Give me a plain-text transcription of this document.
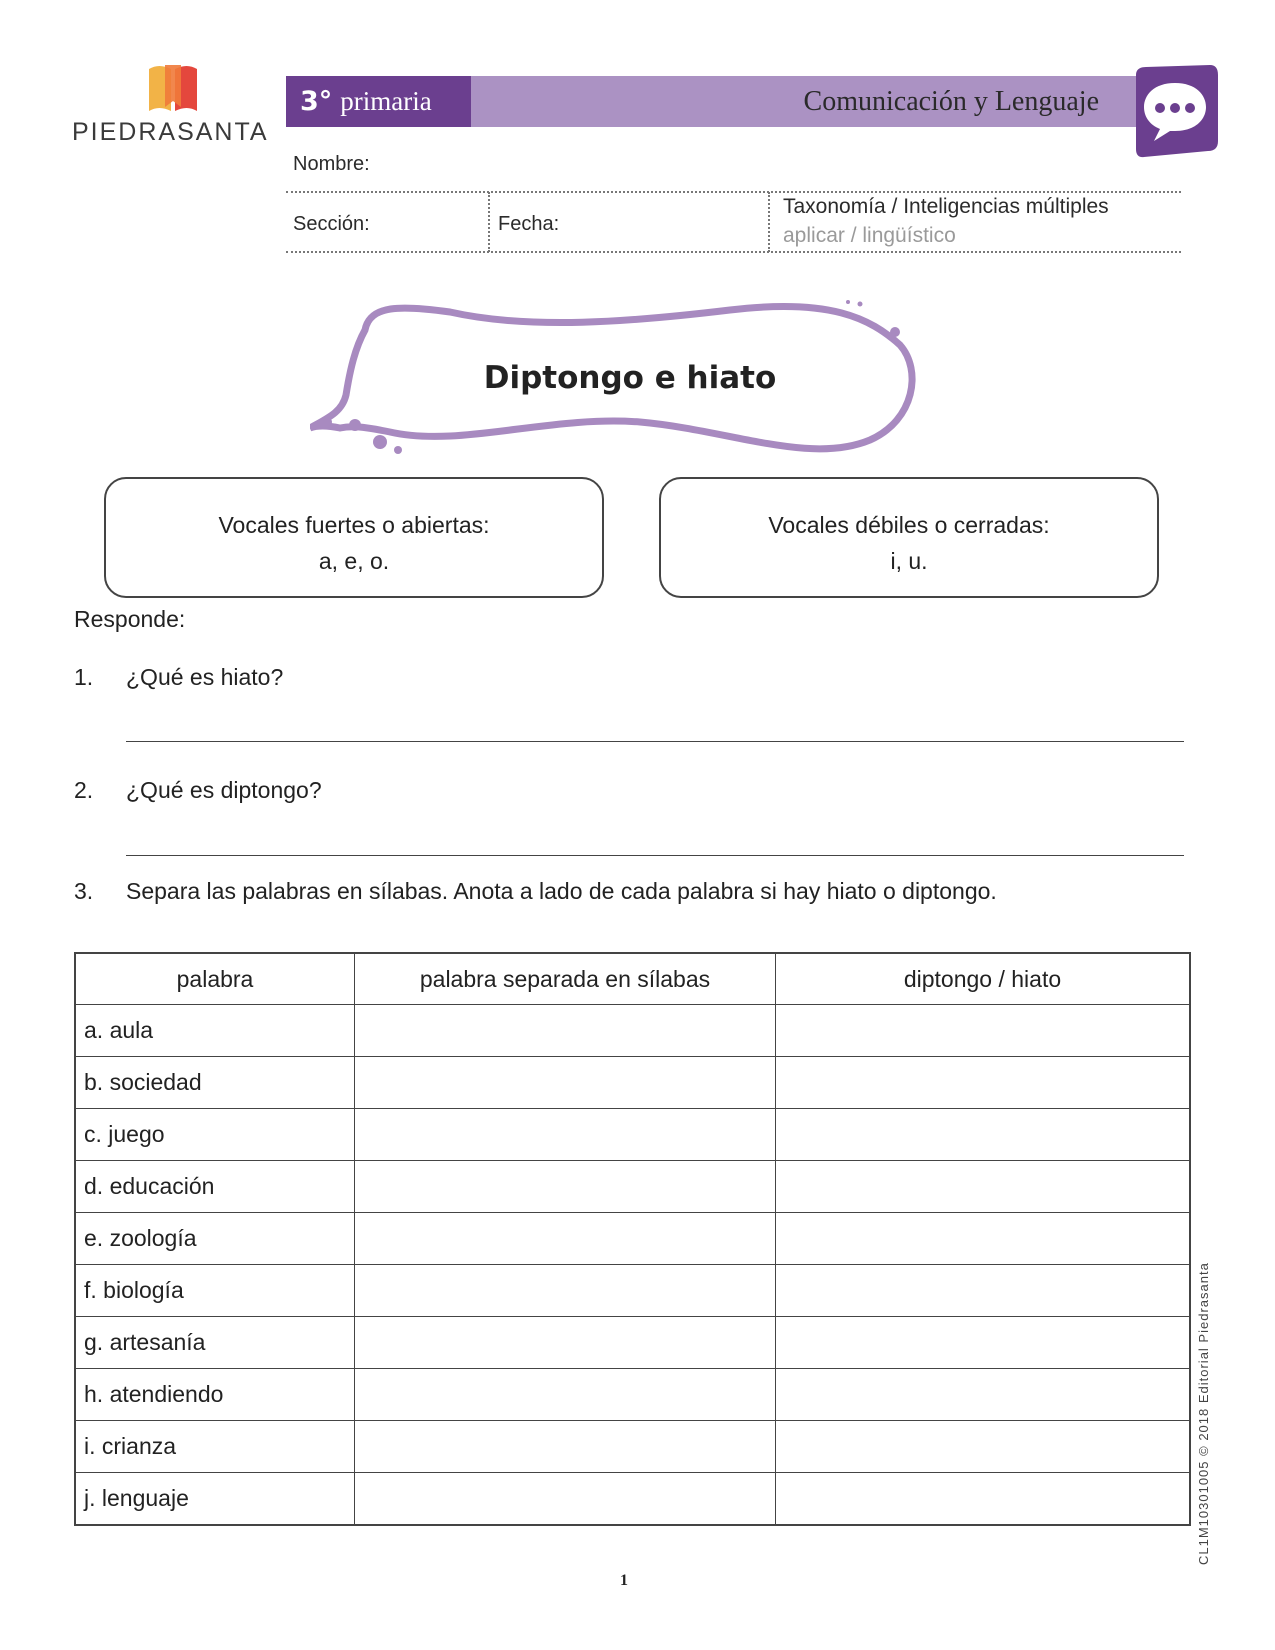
PIEDRASANTA
3° primaria	Comunicación y Lenguaje
Nombre:
Sección:	Fecha:
Taxonomía / Inteligencias múltiples
aplicar / lingüístico
Diptongo e hiato
Vocales fuertes o abiertas:
a, e, o.
Vocales débiles o cerradas:
i, u.
Responde:
1. ¿Qué es hiato?
2. ¿Qué es diptongo?
3. Separa las palabras en sílabas. Anota a lado de cada palabra si hay hiato o diptongo.
palabra	palabra separada en sílabas	diptongo / hiato
a. aula		
b. sociedad		
c. juego		
d. educación		
e. zoología		
f. biología		
g. artesanía		
h. atendiendo		
i. crianza		
j. lenguaje		
1
CL1M10301005 © 2018 Editorial Piedrasanta
